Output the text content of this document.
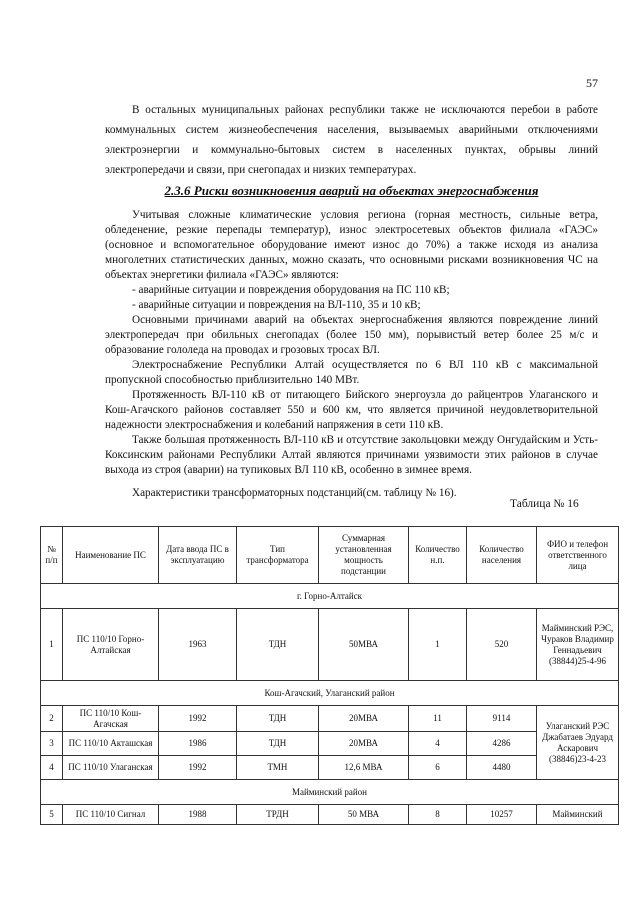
57

В остальных муниципальных районах республики также не исключаются перебои в работе коммунальных систем жизнеобеспечения населения, вызываемых аварийными отключениями электроэнергии и коммунально-бытовых систем в населенных пунктах, обрывы линий электропередачи и связи, при снегопадах и низких температурах.

2.3.6 Риски возникновения аварий на объектах энергоснабжения

Учитывая сложные климатические условия региона (горная местность, сильные ветра, обледенение, резкие перепады температур), износ электросетевых объектов филиала «ГАЭС» (основное и вспомогательное оборудование имеют износ до 70%) а также исходя из анализа многолетних статистических данных, можно сказать, что основными рисками возникновения ЧС на объектах энергетики филиала «ГАЭС» являются:

- аварийные ситуации и повреждения оборудования на ПС 110 кВ;

- аварийные ситуации и повреждения на ВЛ-110, 35 и 10 кВ;

Основными причинами аварий на объектах энергоснабжения являются повреждение линий электропередач при обильных снегопадах (более 150 мм), порывистый ветер более 25 м/с и образование гололеда на проводах и грозовых тросах ВЛ.

Электроснабжение Республики Алтай осуществляется по 6 ВЛ 110 кВ с максимальной пропускной способностью приблизительно 140 МВт.

Протяженность ВЛ-110 кВ от питающего Бийского энергоузла до райцентров Улаганского и Кош-Агачского районов составляет 550 и 600 км, что является причиной неудовлетворительной надежности электроснабжения и колебаний напряжения в сети 110 кВ.

Также большая протяженность ВЛ-110 кВ и отсутствие закольцовки между Онгудайским и Усть-Коксинским районами Республики Алтай являются причинами уязвимости этих районов в случае выхода из строя (аварии) на тупиковых ВЛ 110 кВ, особенно в зимнее время.

Характеристики трансформаторных подстанций(см. таблицу № 16).

Таблица № 16
№ п/п	Наименование ПС	Дата ввода ПС в эксплуатацию	Тип трансформатора	Суммарная установленная мощность подстанции	Количество н.п.	Количество населения	ФИО и телефон ответственного лица
г. Горно-Алтайск							
1	ПС 110/10 Горно-Алтайская	1963	ТДН	50МВА	1	520	Майминский РЭС, Чураков Владимир Геннадьевич (38844)25-4-96
Кош-Агачский, Улаганский район							
2	ПС 110/10 Кош-Агачская	1992	ТДН	20МВА	11	9114	Улаганский РЭС Джабатаев Эдуард Аскарович (38846)23-4-23
3	ПС 110/10 Акташская	1986	ТДН	20МВА	4	4286	
4	ПС 110/10 Улаганская	1992	ТМН	12,6 МВА	6	4480	
Майминский район							
5	ПС 110/10 Сигнал	1988	ТРДН	50 МВА	8	10257	Майминский
